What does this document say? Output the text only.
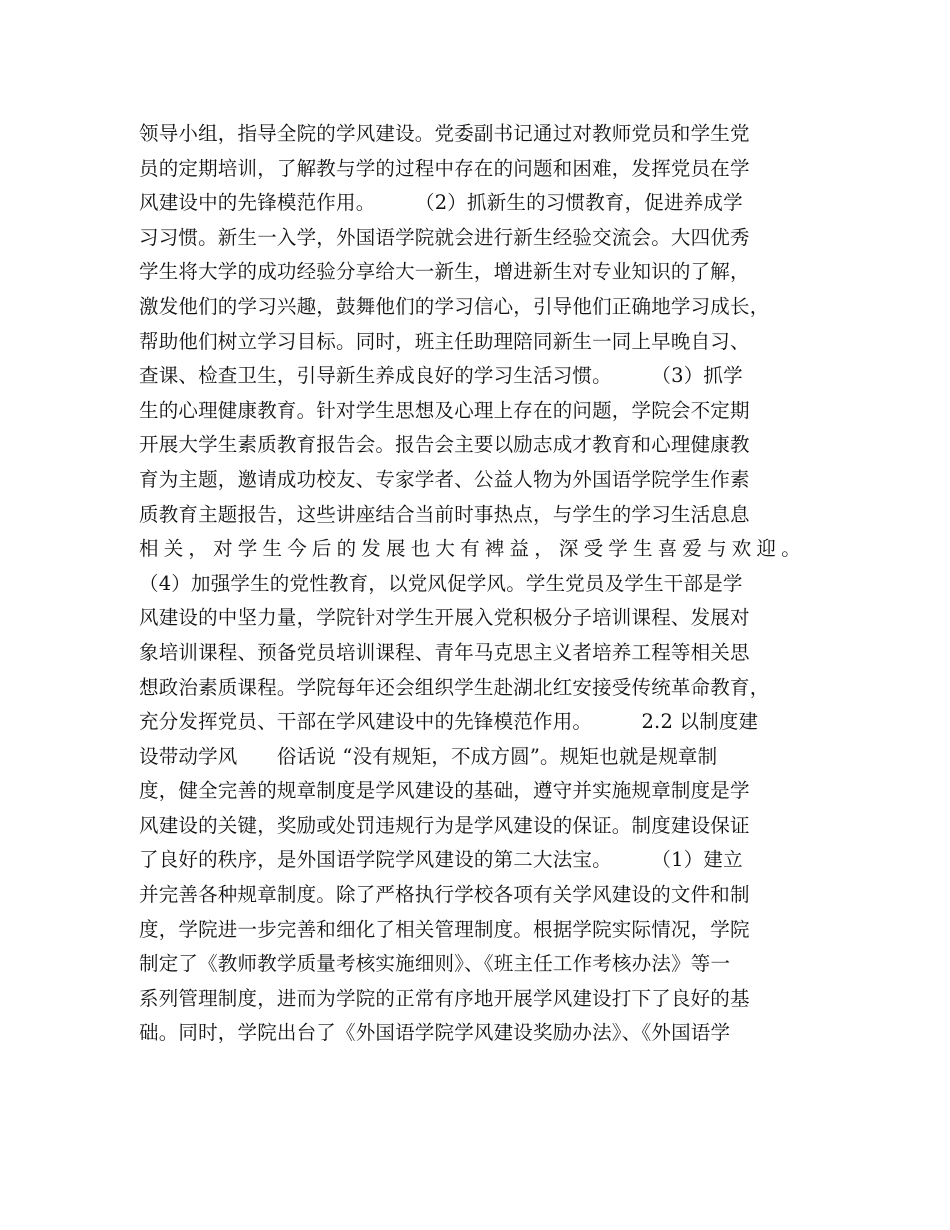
领导小组，指导全院的学风建设。党委副书记通过对教师党员和学生党
员的定期培训，了解教与学的过程中存在的问题和困难，发挥党员在学
风建设中的先锋模范作用。　　　（2）抓新生的习惯教育，促进养成学
习习惯。新生一入学，外国语学院就会进行新生经验交流会。大四优秀
学生将大学的成功经验分享给大一新生，增进新生对专业知识的了解，
激发他们的学习兴趣，鼓舞他们的学习信心，引导他们正确地学习成长，
帮助他们树立学习目标。同时，班主任助理陪同新生一同上早晚自习、
查课、检查卫生，引导新生养成良好的学习生活习惯。　　　（3）抓学
生的心理健康教育。针对学生思想及心理上存在的问题，学院会不定期
开展大学生素质教育报告会。报告会主要以励志成才教育和心理健康教
育为主题，邀请成功校友、专家学者、公益人物为外国语学院学生作素
质教育主题报告，这些讲座结合当前时事热点，与学生的学习生活息息
相关，对学生今后的发展也大有裨益，深受学生喜爱与欢迎。
（4）加强学生的党性教育，以党风促学风。学生党员及学生干部是学
风建设的中坚力量，学院针对学生开展入党积极分子培训课程、发展对
象培训课程、预备党员培训课程、青年马克思主义者培养工程等相关思
想政治素质课程。学院每年还会组织学生赴湖北红安接受传统革命教育，
充分发挥党员、干部在学风建设中的先锋模范作用。　　　2.2 以制度建
设带动学风　　俗话说 “没有规矩，不成方圆”。规矩也就是规章制
度，健全完善的规章制度是学风建设的基础，遵守并实施规章制度是学
风建设的关键，奖励或处罚违规行为是学风建设的保证。制度建设保证
了良好的秩序，是外国语学院学风建设的第二大法宝。　　　（1）建立
并完善各种规章制度。除了严格执行学校各项有关学风建设的文件和制
度，学院进一步完善和细化了相关管理制度。根据学院实际情况，学院
制定了《教师教学质量考核实施细则》、《班主任工作考核办法》等一
系列管理制度，进而为学院的正常有序地开展学风建设打下了良好的基
础。同时，学院出台了《外国语学院学风建设奖励办法》、《外国语学
